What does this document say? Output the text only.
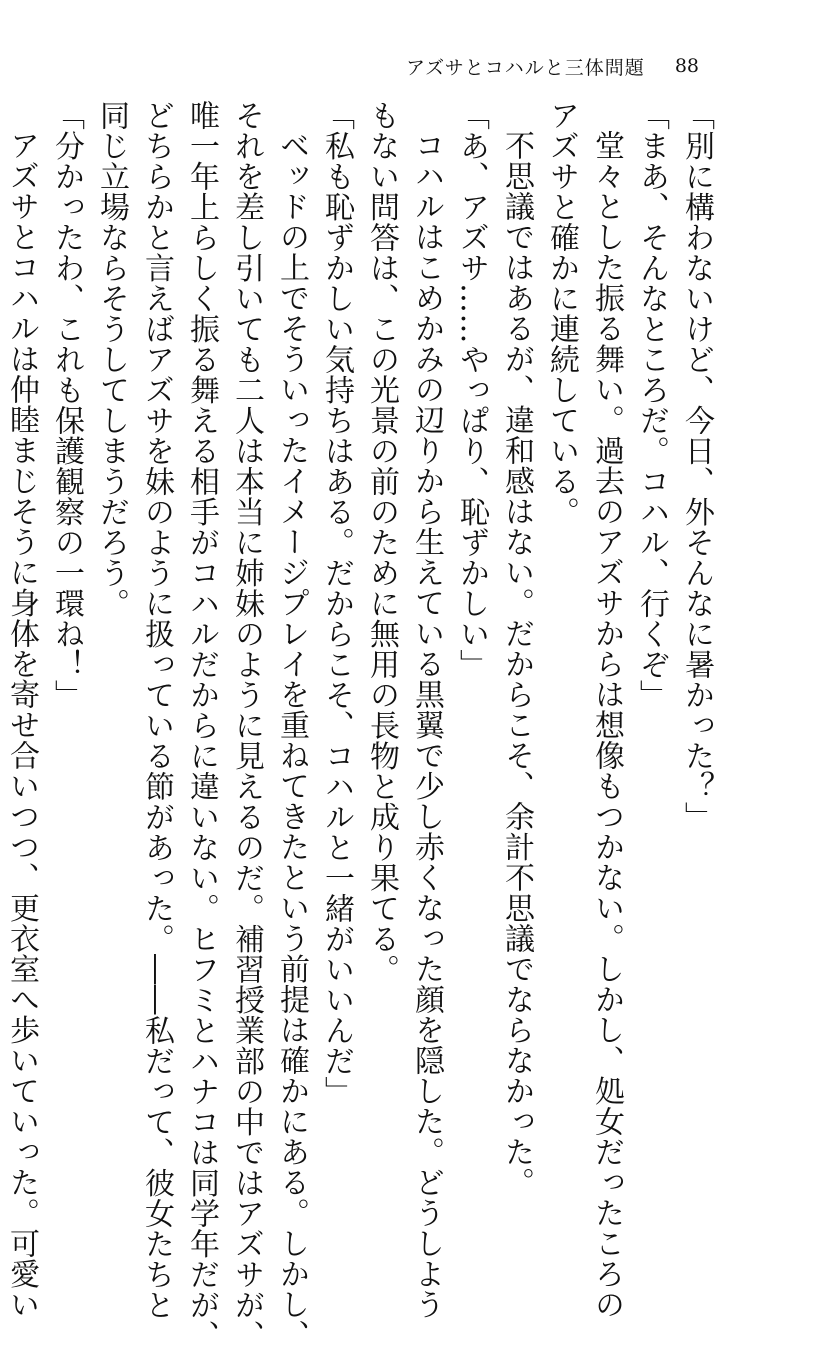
アズサとコハルと三体問題 88

「別に構わないけど、今日、外そんなに暑かった？」

「まあ、そんなところだ。コハル、行くぞ」

堂々とした振る舞い。過去のアズサからは想像もつかない。しかし、処女だったころの

アズサと確かに連続している。

不思議ではあるが、違和感はない。だからこそ、余計不思議でならなかった。

「あ、アズサ……やっぱり、恥ずかしい」

コハルはこめかみの辺りから生えている黒翼で少し赤くなった顔を隠した。どうしよう

もない問答は、この光景の前のために無用の長物と成り果てる。

「私も恥ずかしい気持ちはある。だからこそ、コハルと一緒がいいんだ」

ベッドの上でそういったイメージプレイを重ねてきたという前提は確かにある。しかし、

それを差し引いても二人は本当に姉妹のように見えるのだ。補習授業部の中ではアズサが、

唯一年上らしく振る舞える相手がコハルだからに違いない。ヒフミとハナコは同学年だが、

どちらかと言えばアズサを妹のように扱っている節があった。――私だって、彼女たちと

同じ立場ならそうしてしまうだろう。

「分かったわ、これも保護観察の一環ね！」

アズサとコハルは仲睦まじそうに身体を寄せ合いつつ、更衣室へ歩いていった。可愛い
